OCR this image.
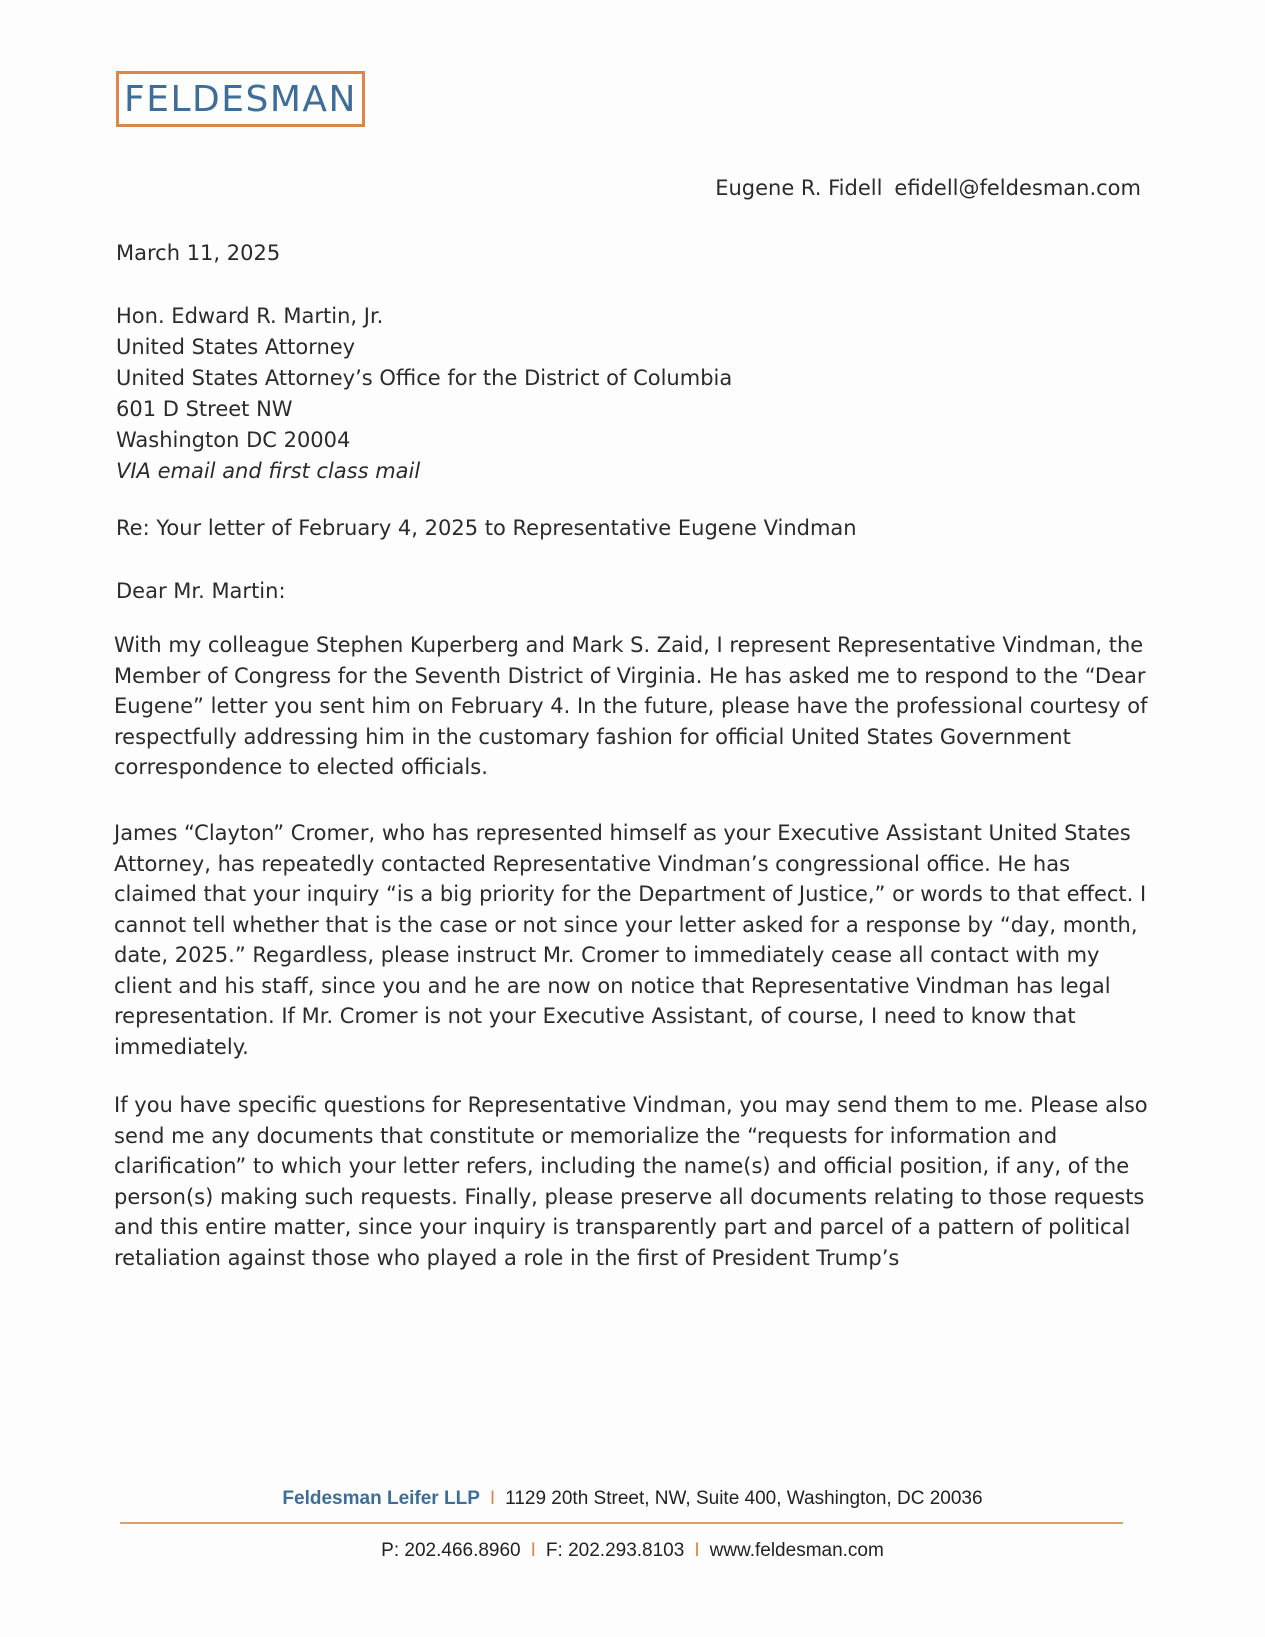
FELDESMAN
Eugene R. Fidell efidell@feldesman.com
March 11, 2025
Hon. Edward R. Martin, Jr.
United States Attorney
United States Attorney’s Office for the District of Columbia
601 D Street NW
Washington DC 20004
VIA email and first class mail
Re: Your letter of February 4, 2025 to Representative Eugene Vindman
Dear Mr. Martin:
With my colleague Stephen Kuperberg and Mark S. Zaid, I represent Representative Vindman, the Member of Congress for the Seventh District of Virginia. He has asked me to respond to the “Dear Eugene” letter you sent him on February 4. In the future, please have the professional courtesy of respectfully addressing him in the customary fashion for official United States Government correspondence to elected officials.
James “Clayton” Cromer, who has represented himself as your Executive Assistant United States Attorney, has repeatedly contacted Representative Vindman’s congressional office. He has claimed that your inquiry “is a big priority for the Department of Justice,” or words to that effect. I cannot tell whether that is the case or not since your letter asked for a response by “day, month, date, 2025.” Regardless, please instruct Mr. Cromer to immediately cease all contact with my client and his staff, since you and he are now on notice that Representative Vindman has legal representation. If Mr. Cromer is not your Executive Assistant, of course, I need to know that immediately.
If you have specific questions for Representative Vindman, you may send them to me. Please also send me any documents that constitute or memorialize the “requests for information and clarification” to which your letter refers, including the name(s) and official position, if any, of the person(s) making such requests. Finally, please preserve all documents relating to those requests and this entire matter, since your inquiry is transparently part and parcel of a pattern of political retaliation against those who played a role in the first of President Trump’s
Feldesman Leifer LLP I 1129 20th Street, NW, Suite 400, Washington, DC 20036
P: 202.466.8960 I F: 202.293.8103 I www.feldesman.com
